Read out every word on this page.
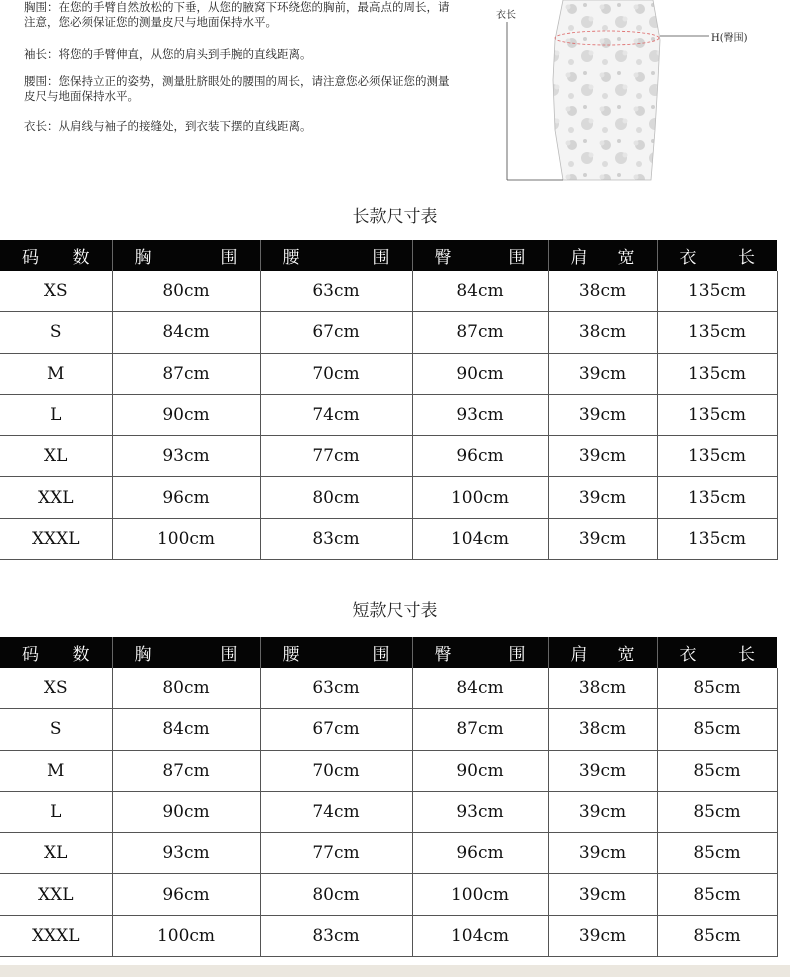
胸围：在您的手臂自然放松的下垂，从您的腋窝下环绕您的胸前，最高点的周长，请注意，您必须保证您的测量皮尺与地面保持水平。

袖长：将您的手臂伸直，从您的肩头到手腕的直线距离。

腰围：您保持立正的姿势，测量肚脐眼处的腰围的周长，请注意您必须保证您的测量皮尺与地面保持水平。

衣长：从肩线与袖子的接缝处，到衣装下摆的直线距离。

衣长
H(臀围)
长款尺寸表
码 数	胸 围	腰 围	臀 围	肩 宽	衣 长

XS	80cm	63cm	84cm	38cm	135cm
S	84cm	67cm	87cm	38cm	135cm
M	87cm	70cm	90cm	39cm	135cm
L	90cm	74cm	93cm	39cm	135cm
XL	93cm	77cm	96cm	39cm	135cm
XXL	96cm	80cm	100cm	39cm	135cm
XXXL	100cm	83cm	104cm	39cm	135cm
短款尺寸表
码 数	胸 围	腰 围	臀 围	肩 宽	衣 长

XS	80cm	63cm	84cm	38cm	85cm
S	84cm	67cm	87cm	38cm	85cm
M	87cm	70cm	90cm	39cm	85cm
L	90cm	74cm	93cm	39cm	85cm
XL	93cm	77cm	96cm	39cm	85cm
XXL	96cm	80cm	100cm	39cm	85cm
XXXL	100cm	83cm	104cm	39cm	85cm
